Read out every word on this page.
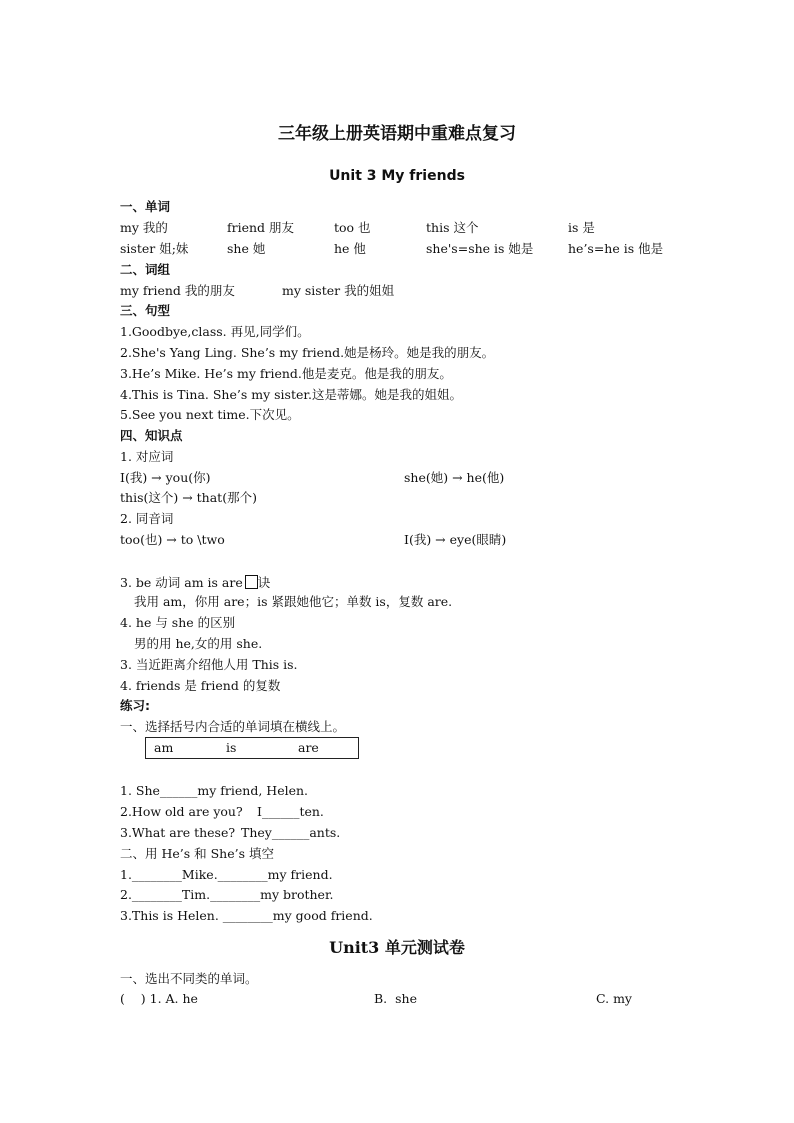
三年级上册英语期中重难点复习
Unit 3 My friends
一、单词
my 我的	friend 朋友	too 也	this 这个	is 是
sister 姐;妹	she 她	he 他	she's=she is 她是	he’s=he is 他是
二、词组
my friend 我的朋友	my sister 我的姐姐
三、句型
1.Goodbye,class. 再见,同学们。
2.She's Yang Ling. She’s my friend.她是杨玲。她是我的朋友。
3.He’s Mike. He’s my friend.他是麦克。他是我的朋友。
4.This is Tina. She’s my sister.这是蒂娜。她是我的姐姐。
5.See you next time.下次见。
四、知识点
1. 对应词
I(我) → you(你)	she(她) → he(他)
this(这个) → that(那个)
2. 同音词
too(也) → to \two	I(我) → eye(眼睛)
3. be 动词 am is are 诀
我用 am，你用 are；is 紧跟她他它；单数 is，复数 are.
4. he 与 she 的区别
男的用 he,女的用 she.
3. 当近距离介绍他人用 This is.
4. friends 是 friend 的复数
练习:
一、选择括号内合适的单词填在横线上。
am	is	are
1. She______my friend, Helen.
2.How old are you? I______ten.
3.What are these? They______ants.
二、用 He’s 和 She’s 填空
1.________Mike.________my friend.
2.________Tim.________my brother.
3.This is Helen. ________my good friend.
Unit3 单元测试卷
一、选出不同类的单词。
(    ) 1. A. he	B.  she	C. my
